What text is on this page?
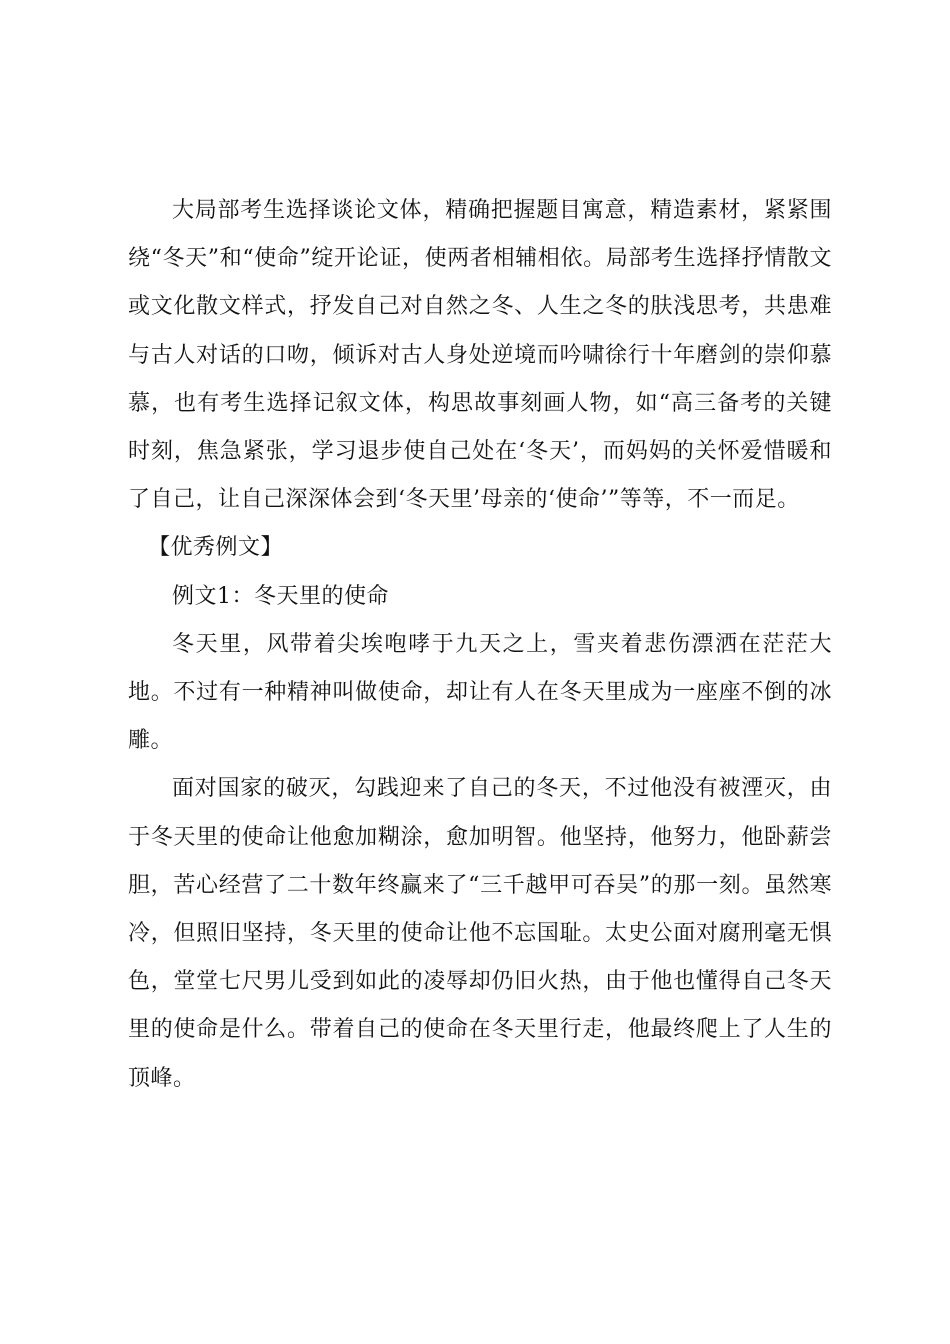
大局部考生选择谈论文体，精确把握题目寓意，精造素材，紧紧围绕“冬天”和“使命”绽开论证，使两者相辅相依。局部考生选择抒情散文或文化散文样式，抒发自己对自然之冬、人生之冬的肤浅思考，共患难与古人对话的口吻，倾诉对古人身处逆境而吟啸徐行十年磨剑的崇仰慕慕，也有考生选择记叙文体，构思故事刻画人物，如“高三备考的关键时刻，焦急紧张，学习退步使自己处在‘冬天’，而妈妈的关怀爱惜暖和了自己，让自己深深体会到‘冬天里’母亲的‘使命’”等等，不一而足。

【优秀例文】

例文1：冬天里的使命

冬天里，风带着尖埃咆哮于九天之上，雪夹着悲伤漂洒在茫茫大地。不过有一种精神叫做使命，却让有人在冬天里成为一座座不倒的冰雕。

面对国家的破灭，勾践迎来了自己的冬天，不过他没有被湮灭，由于冬天里的使命让他愈加糊涂，愈加明智。他坚持，他努力，他卧薪尝胆，苦心经营了二十数年终赢来了“三千越甲可吞吴”的那一刻。虽然寒冷，但照旧坚持，冬天里的使命让他不忘国耻。太史公面对腐刑毫无惧色，堂堂七尺男儿受到如此的凌辱却仍旧火热，由于他也懂得自己冬天里的使命是什么。带着自己的使命在冬天里行走，他最终爬上了人生的顶峰。
